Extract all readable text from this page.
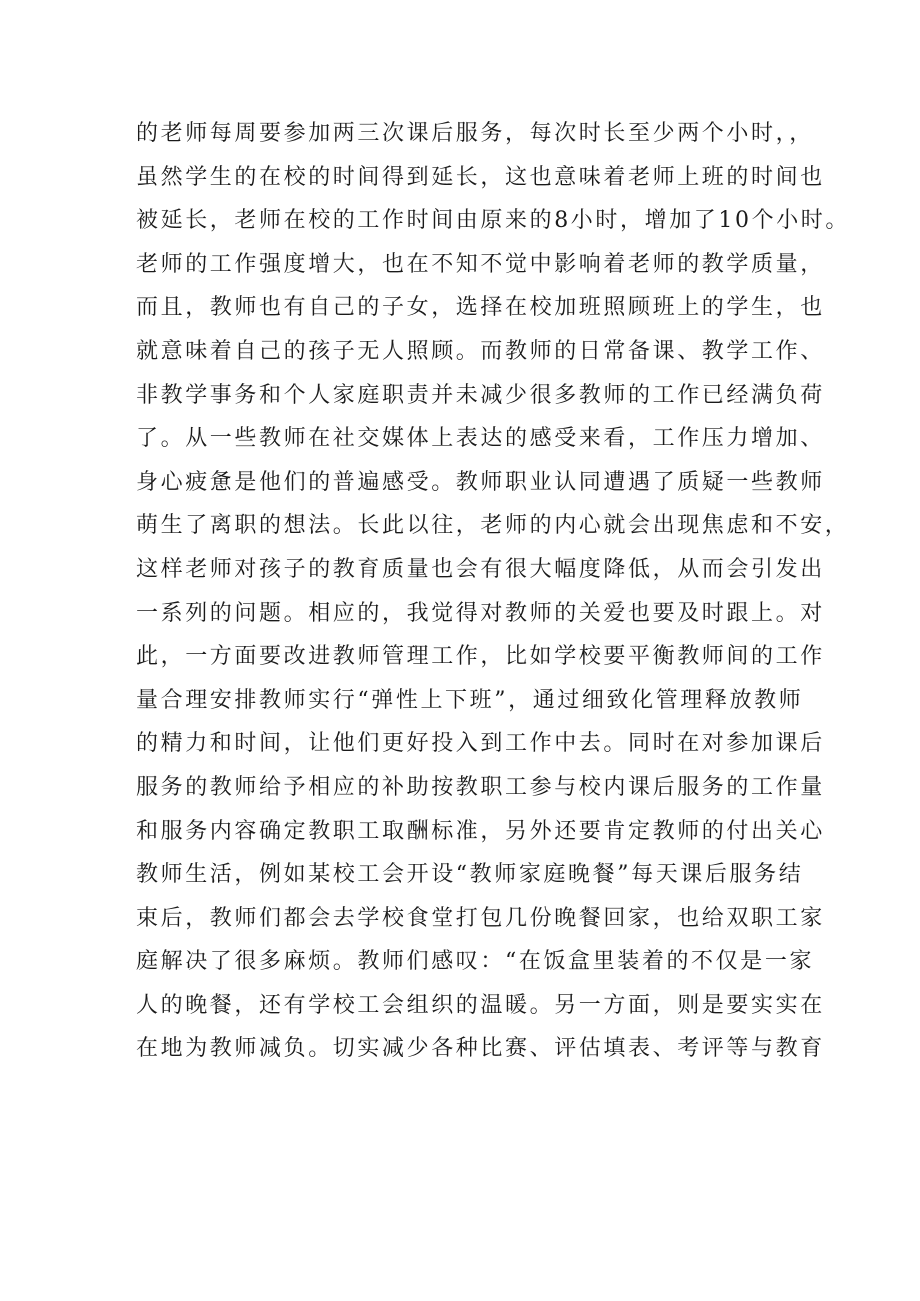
的老师每周要参加两三次课后服务，每次时长至少两个小时，，
虽然学生的在校的时间得到延长，这也意味着老师上班的时间也
被延长，老师在校的工作时间由原来的8小时，增加了10个小时。
老师的工作强度增大，也在不知不觉中影响着老师的教学质量，
而且，教师也有自己的子女，选择在校加班照顾班上的学生，也
就意味着自己的孩子无人照顾。而教师的日常备课、教学工作、
非教学事务和个人家庭职责并未减少很多教师的工作已经满负荷
了。从一些教师在社交媒体上表达的感受来看，工作压力增加、
身心疲惫是他们的普遍感受。教师职业认同遭遇了质疑一些教师
萌生了离职的想法。长此以往，老师的内心就会出现焦虑和不安，
这样老师对孩子的教育质量也会有很大幅度降低，从而会引发出
一系列的问题。相应的，我觉得对教师的关爱也要及时跟上。对
此，一方面要改进教师管理工作，比如学校要平衡教师间的工作
量合理安排教师实行“弹性上下班”，通过细致化管理释放教师
的精力和时间，让他们更好投入到工作中去。同时在对参加课后
服务的教师给予相应的补助按教职工参与校内课后服务的工作量
和服务内容确定教职工取酬标准，另外还要肯定教师的付出关心
教师生活，例如某校工会开设“教师家庭晚餐”每天课后服务结
束后，教师们都会去学校食堂打包几份晚餐回家，也给双职工家
庭解决了很多麻烦。教师们感叹：“在饭盒里装着的不仅是一家
人的晚餐，还有学校工会组织的温暖。另一方面，则是要实实在
在地为教师减负。切实减少各种比赛、评估填表、考评等与教育
